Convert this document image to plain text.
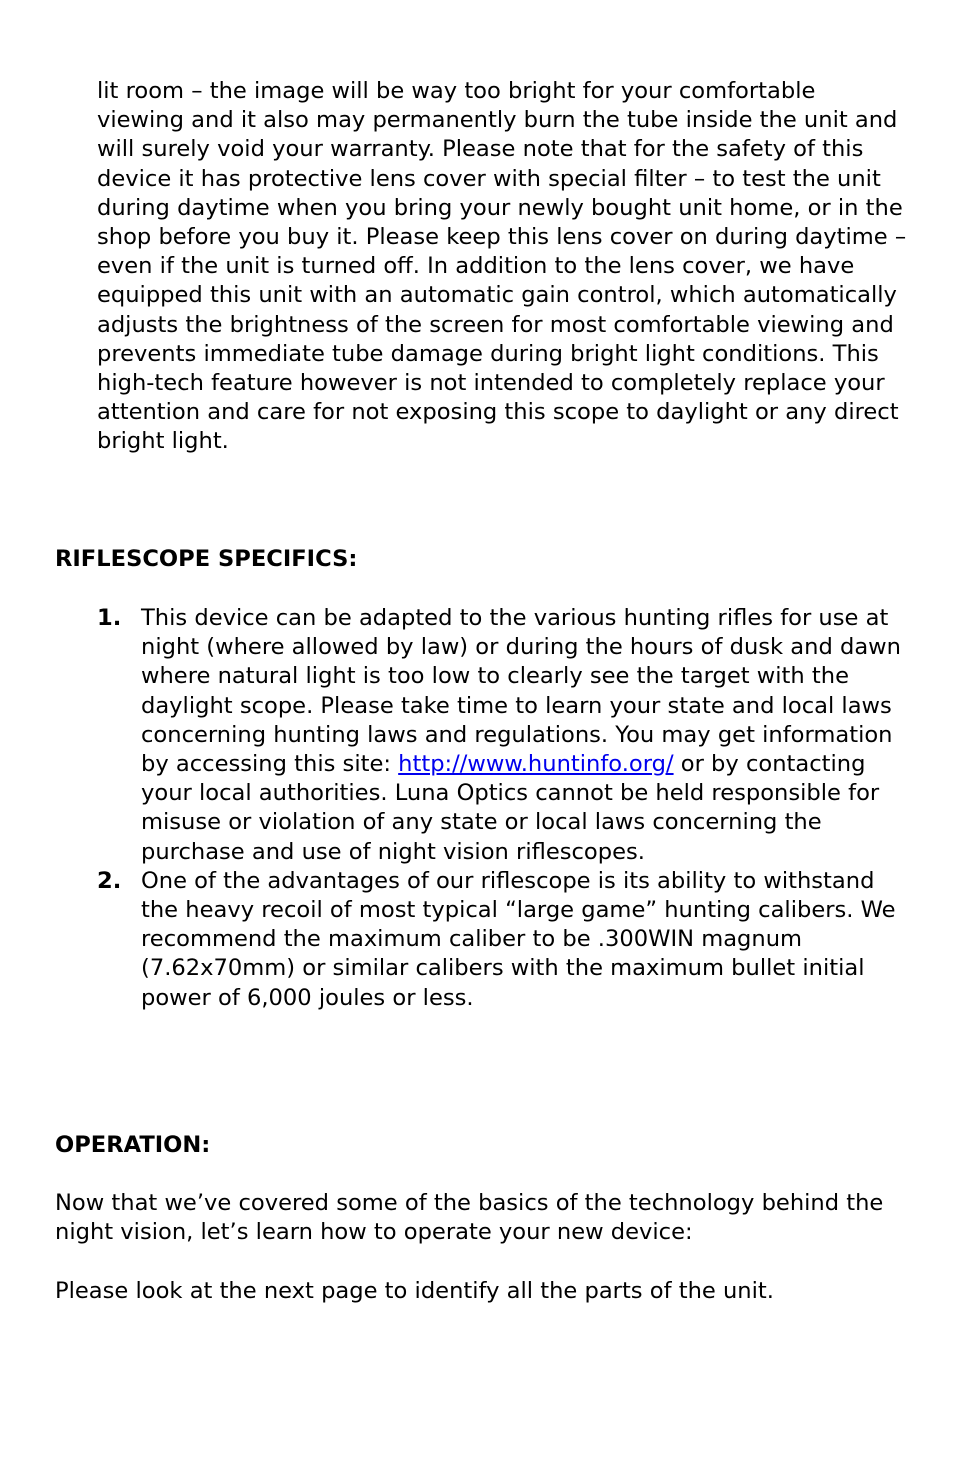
lit room – the image will be way too bright for your comfortable viewing and it also may permanently burn the tube inside the unit and will surely void your warranty. Please note that for the safety of this device it has protective lens cover with special filter – to test the unit during daytime when you bring your newly bought unit home, or in the shop before you buy it. Please keep this lens cover on during daytime – even if the unit is turned off. In addition to the lens cover, we have equipped this unit with an automatic gain control, which automatically adjusts the brightness of the screen for most comfortable viewing and prevents immediate tube damage during bright light conditions. This high-tech feature however is not intended to completely replace your attention and care for not exposing this scope to daylight or any direct bright light.

RIFLESCOPE SPECIFICS:
1. This device can be adapted to the various hunting rifles for use at night (where allowed by law) or during the hours of dusk and dawn where natural light is too low to clearly see the target with the daylight scope. Please take time to learn your state and local laws concerning hunting laws and regulations. You may get information by accessing this site: http://www.huntinfo.org/ or by contacting your local authorities. Luna Optics cannot be held responsible for misuse or violation of any state or local laws concerning the purchase and use of night vision riflescopes.
2. One of the advantages of our riflescope is its ability to withstand the heavy recoil of most typical “large game” hunting calibers. We recommend the maximum caliber to be .300WIN magnum (7.62x70mm) or similar calibers with the maximum bullet initial power of 6,000 joules or less.
OPERATION:

Now that we’ve covered some of the basics of the technology behind the night vision, let’s learn how to operate your new device:

Please look at the next page to identify all the parts of the unit.
